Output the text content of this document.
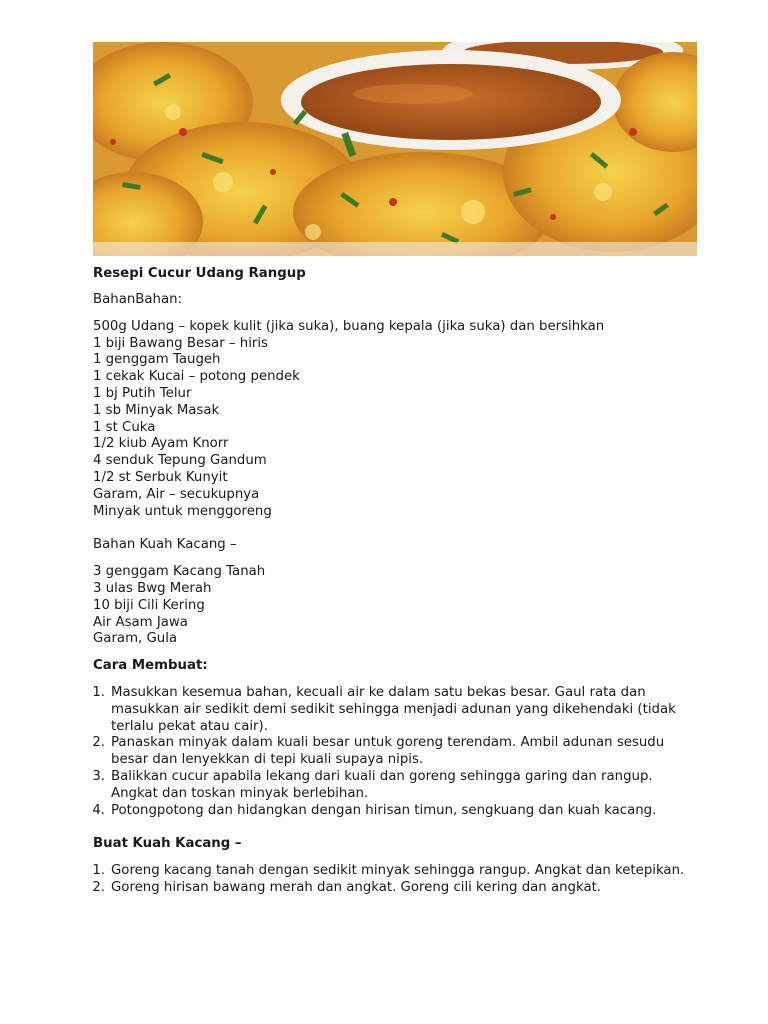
Resepi Cucur Udang Rangup

BahanBahan:

500g Udang – kopek kulit (jika suka), buang kepala (jika suka) dan bersihkan
1 biji Bawang Besar – hiris
1 genggam Taugeh
1 cekak Kucai – potong pendek
1 bj Putih Telur
1 sb Minyak Masak
1 st Cuka
1/2 kiub Ayam Knorr
4 senduk Tepung Gandum
1/2 st Serbuk Kunyit
Garam, Air – secukupnya
Minyak untuk menggoreng

Bahan Kuah Kacang –

3 genggam Kacang Tanah
3 ulas Bwg Merah
10 biji Cili Kering
Air Asam Jawa
Garam, Gula

Cara Membuat:

1. Masukkan kesemua bahan, kecuali air ke dalam satu bekas besar. Gaul rata dan masukkan air sedikit demi sedikit sehingga menjadi adunan yang dikehendaki (tidak terlalu pekat atau cair).
2. Panaskan minyak dalam kuali besar untuk goreng terendam. Ambil adunan sesudu besar dan lenyekkan di tepi kuali supaya nipis.
3. Balikkan cucur apabila lekang dari kuali dan goreng sehingga garing dan rangup. Angkat dan toskan minyak berlebihan.
4. Potongpotong dan hidangkan dengan hirisan timun, sengkuang dan kuah kacang.

Buat Kuah Kacang –

1. Goreng kacang tanah dengan sedikit minyak sehingga rangup. Angkat dan ketepikan.
2. Goreng hirisan bawang merah dan angkat. Goreng cili kering dan angkat.
